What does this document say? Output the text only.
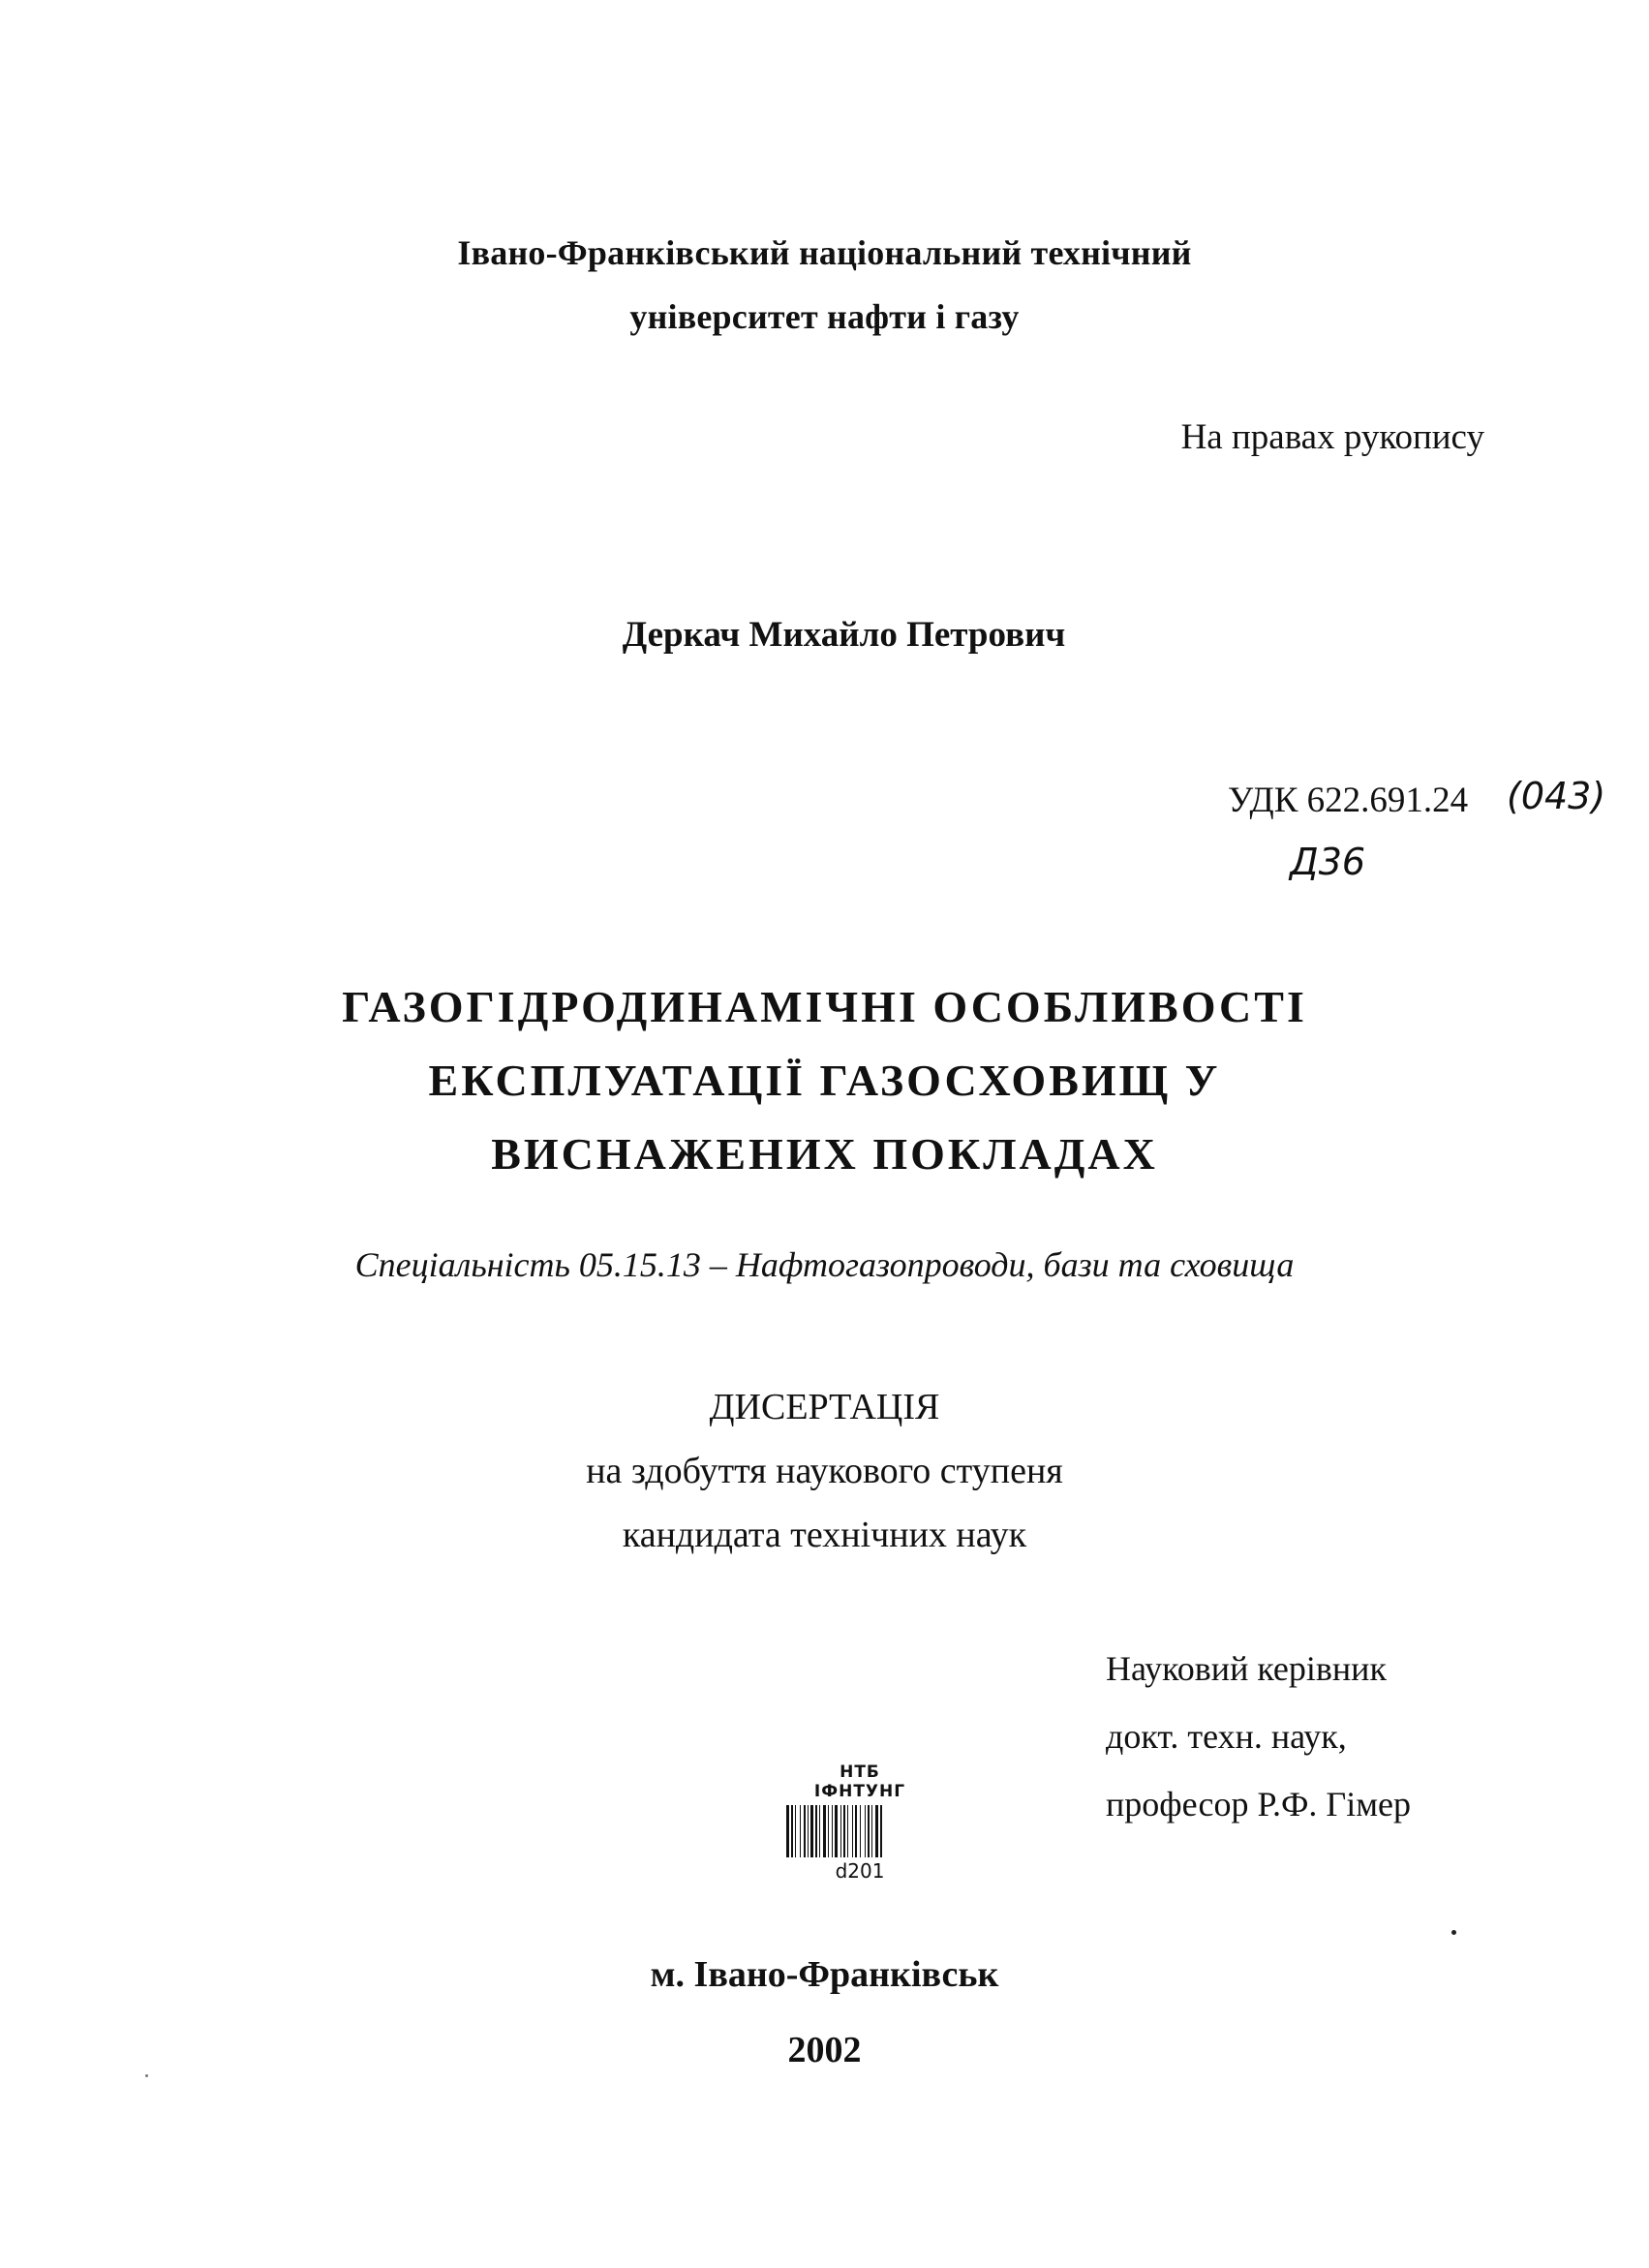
Івано-Франківський національний технічний
університет нафти і газу
На правах рукопису
Деркач Михайло Петрович
УДК 622.691.24 (043)
Д36
ГАЗОГІДРОДИНАМІЧНІ ОСОБЛИВОСТІ
ЕКСПЛУАТАЦІЇ ГАЗОСХОВИЩ У
ВИСНАЖЕНИХ ПОКЛАДАХ
Спеціальність 05.15.13 – Нафтогазопроводи, бази та сховища
ДИСЕРТАЦІЯ
на здобуття наукового ступеня
кандидата технічних наук
Науковий керівник
докт. техн. наук,
професор Р.Ф. Гімер
НТБ
ІФНТУНГ
d201
м. Івано-Франківськ
2002
